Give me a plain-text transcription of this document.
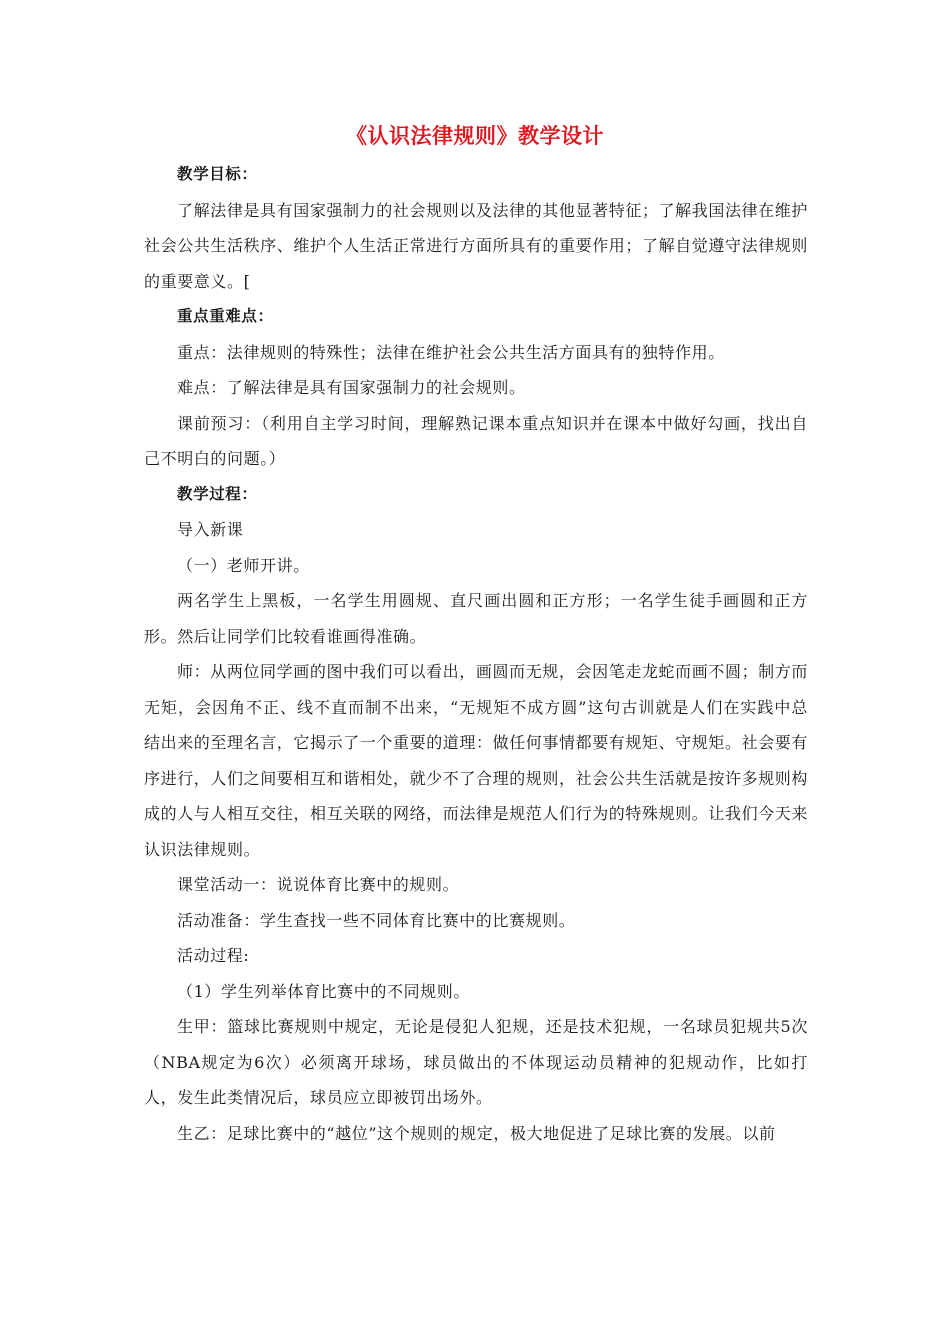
《认识法律规则》教学设计

教学目标：

了解法律是具有国家强制力的社会规则以及法律的其他显著特征；了解我国法律在维护社会公共生活秩序、维护个人生活正常进行方面所具有的重要作用；了解自觉遵守法律规则的重要意义。[

重点重难点：

重点：法律规则的特殊性；法律在维护社会公共生活方面具有的独特作用。

难点：了解法律是具有国家强制力的社会规则。

课前预习：（利用自主学习时间，理解熟记课本重点知识并在课本中做好勾画，找出自己不明白的问题。）

教学过程：

导入新课

（一）老师开讲。

两名学生上黑板，一名学生用圆规、直尺画出圆和正方形；一名学生徒手画圆和正方形。然后让同学们比较看谁画得准确。

师：从两位同学画的图中我们可以看出，画圆而无规，会因笔走龙蛇而画不圆；制方而无矩，会因角不正、线不直而制不出来，“无规矩不成方圆”这句古训就是人们在实践中总结出来的至理名言，它揭示了一个重要的道理：做任何事情都要有规矩、守规矩。社会要有序进行，人们之间要相互和谐相处，就少不了合理的规则，社会公共生活就是按许多规则构成的人与人相互交往，相互关联的网络，而法律是规范人们行为的特殊规则。让我们今天来认识法律规则。

课堂活动一：说说体育比赛中的规则。

活动准备：学生查找一些不同体育比赛中的比赛规则。

活动过程:

（1）学生列举体育比赛中的不同规则。

生甲：篮球比赛规则中规定，无论是侵犯人犯规，还是技术犯规，一名球员犯规共5次（NBA规定为6次）必须离开球场，球员做出的不体现运动员精神的犯规动作，比如打人，发生此类情况后，球员应立即被罚出场外。

生乙：足球比赛中的“越位”这个规则的规定，极大地促进了足球比赛的发展。以前
